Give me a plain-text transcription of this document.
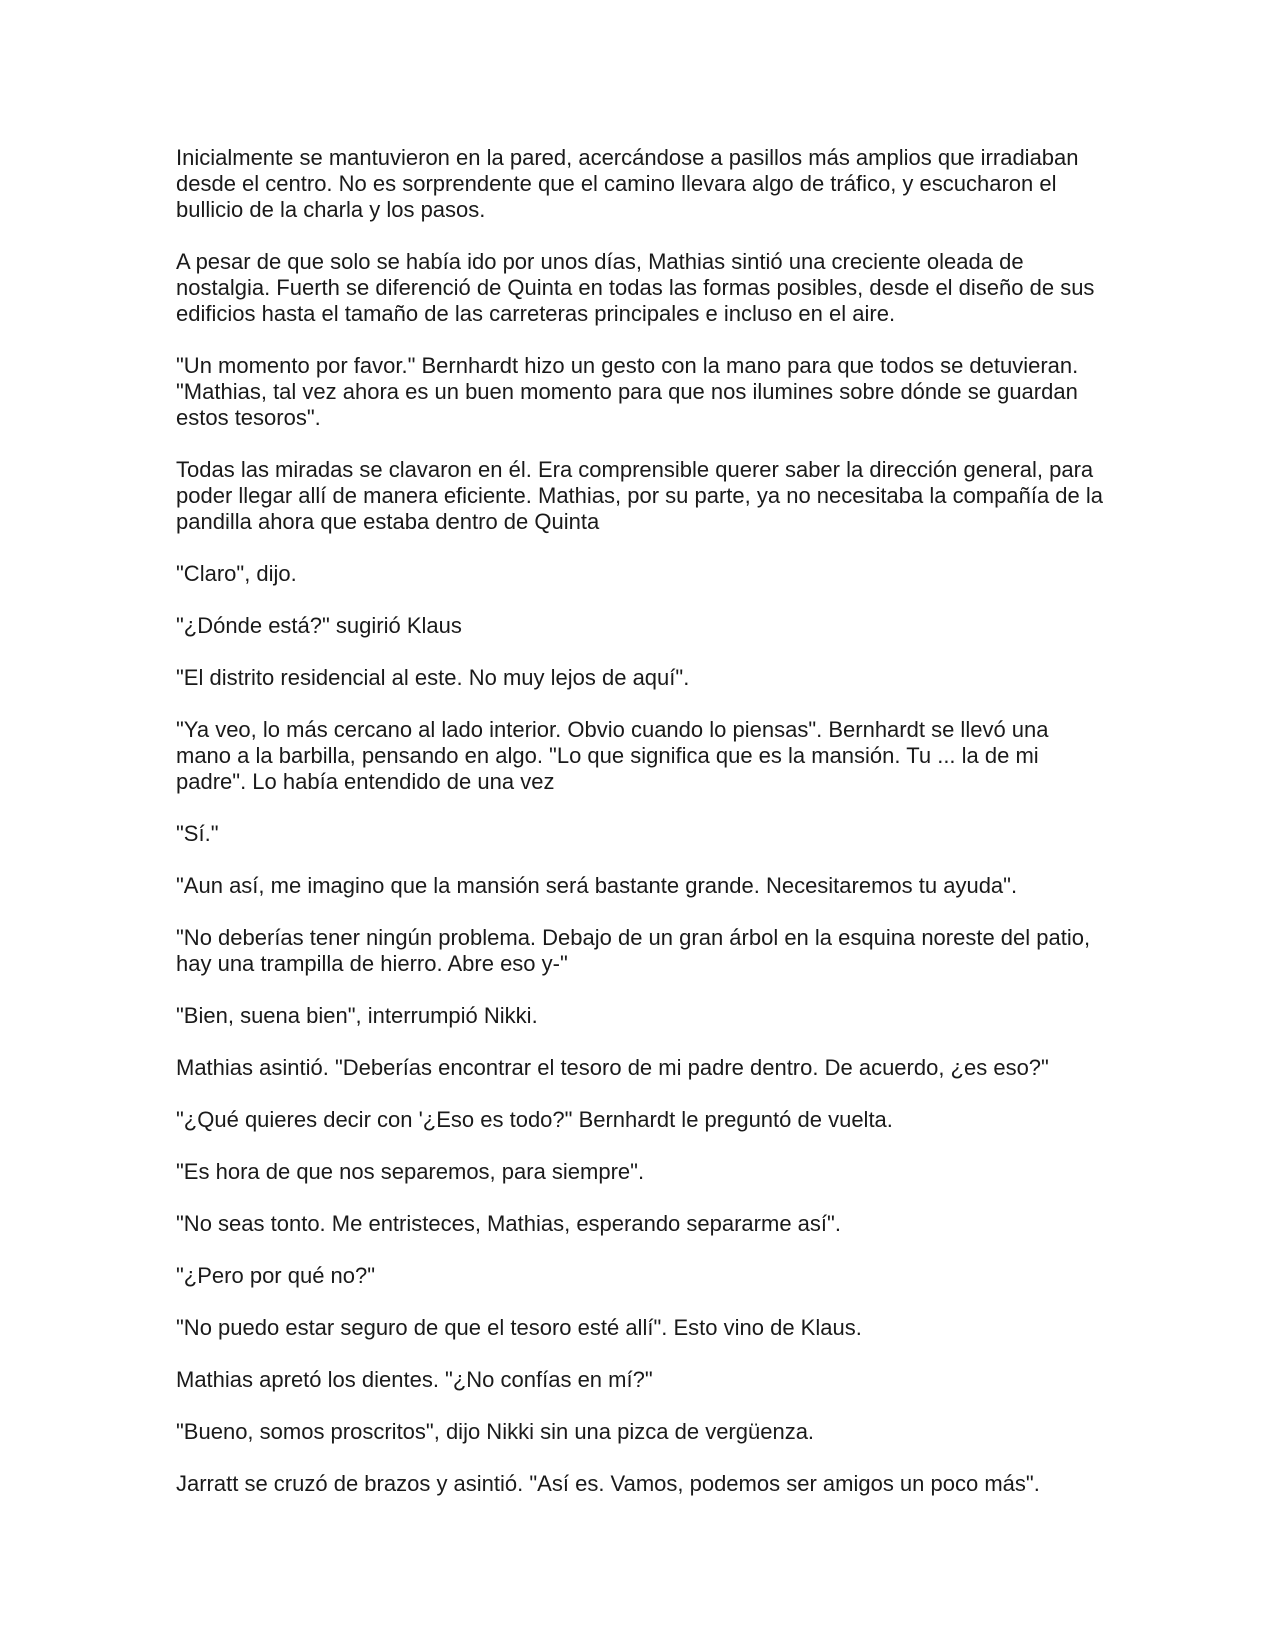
Inicialmente se mantuvieron en la pared, acercándose a pasillos más amplios que irradiaban desde el centro. No es sorprendente que el camino llevara algo de tráfico, y escucharon el bullicio de la charla y los pasos.

A pesar de que solo se había ido por unos días, Mathias sintió una creciente oleada de nostalgia. Fuerth se diferenció de Quinta en todas las formas posibles, desde el diseño de sus edificios hasta el tamaño de las carreteras principales e incluso en el aire.

"Un momento por favor." Bernhardt hizo un gesto con la mano para que todos se detuvieran. "Mathias, tal vez ahora es un buen momento para que nos ilumines sobre dónde se guardan estos tesoros".

Todas las miradas se clavaron en él. Era comprensible querer saber la dirección general, para poder llegar allí de manera eficiente. Mathias, por su parte, ya no necesitaba la compañía de la pandilla ahora que estaba dentro de Quinta

"Claro", dijo.

"¿Dónde está?" sugirió Klaus

"El distrito residencial al este. No muy lejos de aquí".

"Ya veo, lo más cercano al lado interior. Obvio cuando lo piensas". Bernhardt se llevó una mano a la barbilla, pensando en algo. "Lo que significa que es la mansión. Tu ... la de mi padre". Lo había entendido de una vez

"Sí."

"Aun así, me imagino que la mansión será bastante grande. Necesitaremos tu ayuda".

"No deberías tener ningún problema. Debajo de un gran árbol en la esquina noreste del patio, hay una trampilla de hierro. Abre eso y-"

"Bien, suena bien", interrumpió Nikki.

Mathias asintió. "Deberías encontrar el tesoro de mi padre dentro. De acuerdo, ¿es eso?"

"¿Qué quieres decir con '¿Eso es todo?" Bernhardt le preguntó de vuelta.

"Es hora de que nos separemos, para siempre".

"No seas tonto. Me entristeces, Mathias, esperando separarme así".

"¿Pero por qué no?"

"No puedo estar seguro de que el tesoro esté allí". Esto vino de Klaus.

Mathias apretó los dientes. "¿No confías en mí?"

"Bueno, somos proscritos", dijo Nikki sin una pizca de vergüenza.

Jarratt se cruzó de brazos y asintió. "Así es. Vamos, podemos ser amigos un poco más".
